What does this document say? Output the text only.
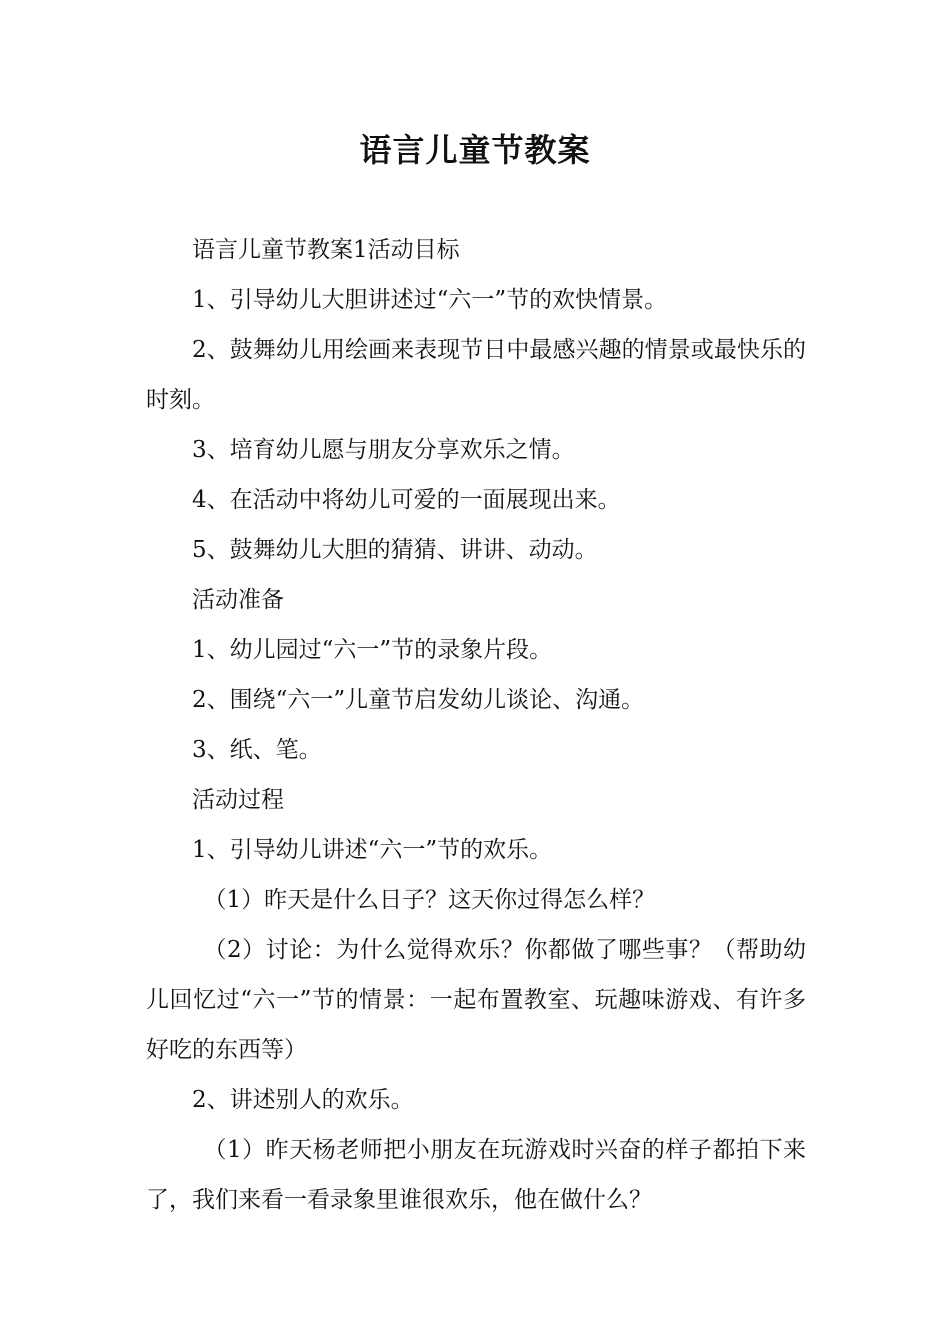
语言儿童节教案

语言儿童节教案1活动目标

1、引导幼儿大胆讲述过“六一”节的欢快情景。

2、鼓舞幼儿用绘画来表现节日中最感兴趣的情景或最快乐的时刻。

3、培育幼儿愿与朋友分享欢乐之情。

4、在活动中将幼儿可爱的一面展现出来。

5、鼓舞幼儿大胆的猜猜、讲讲、动动。

活动准备

1、幼儿园过“六一”节的录象片段。

2、围绕“六一”儿童节启发幼儿谈论、沟通。

3、纸、笔。

活动过程

1、引导幼儿讲述“六一”节的欢乐。

（1）昨天是什么日子？这天你过得怎么样？

（2）讨论：为什么觉得欢乐？你都做了哪些事？（帮助幼儿回忆过“六一”节的情景：一起布置教室、玩趣味游戏、有许多好吃的东西等）

2、讲述别人的欢乐。

（1）昨天杨老师把小朋友在玩游戏时兴奋的样子都拍下来了，我们来看一看录象里谁很欢乐，他在做什么？
